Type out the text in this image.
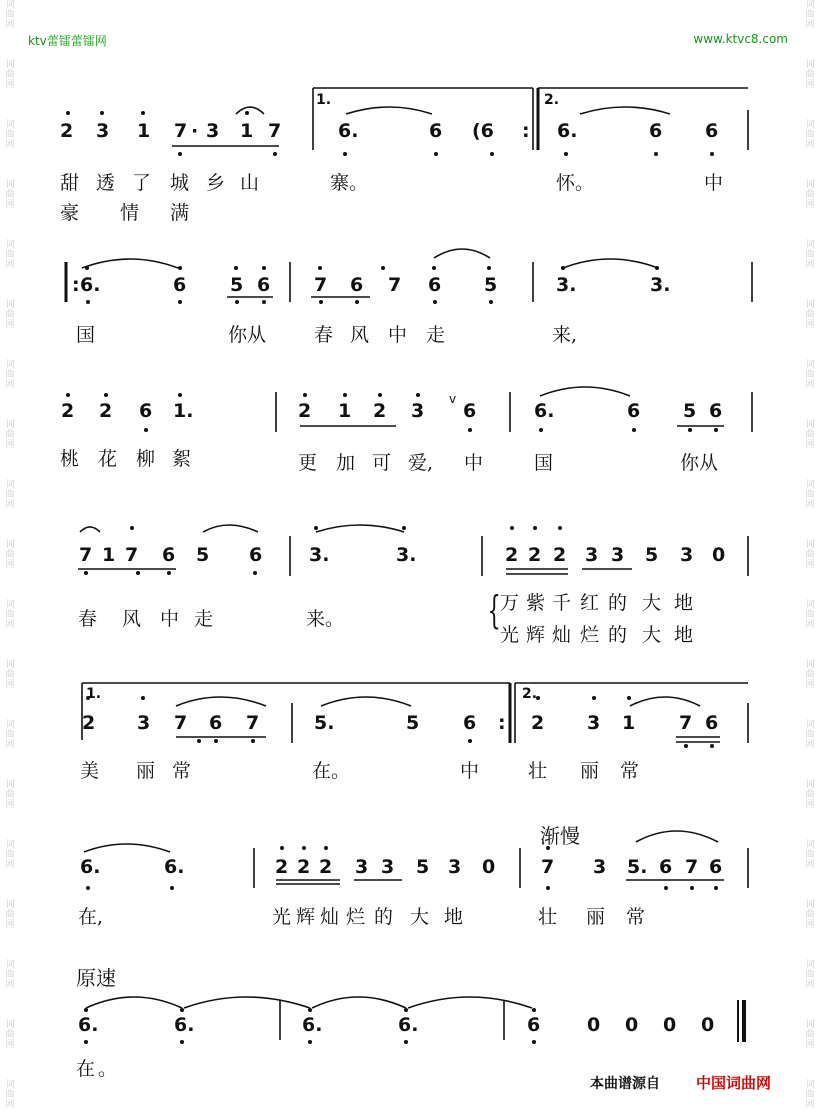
词
曲
网

词
曲
网

词
曲
网

词
曲
网

词
曲
网

词
曲
网

词
曲
网

词
曲
网

词
曲
网

词
曲
网

词
曲
网

词
曲
网

词
曲
网

词
曲
网

词
曲
网

词
曲
网

词
曲
网

词
曲
网

词
曲
网

词
曲
网

词
曲
网

词
曲
网

词
曲
网

词
曲
网

词
曲
网

词
曲
网

词
曲
网

词
曲
网

词
曲
网

词
曲
网

词
曲
网

词
曲
网

词
曲
网

词
曲
网

词
曲
网

词
曲
网

词
曲
网

词
曲
网

ktv蕾镭蕾镭网	www.ktvc8.com
1.	2.
2 3 1 7 · 3 1 7	6.	6 (6 : 6.	6 6
甜 透 了 城 乡 山	寨。	怀。	中
豪 情 满
: 6.	6 5 6 7 6 7 6 5	3.	3.
国	你从	春 风 中 走	来,
2 2 6 1.	2 1 2 3
v
6	6.	6 5 6
桃 花 柳 絮	更 加 可 爱, 中	国	你从
7 1 7 6 5 6 3.	3.	2 2 2 3 3 5 3 0
春 风 中 走	来。	{ 万 紫 千 红 的 大 地
光 辉 灿 烂 的 大 地
1.	2.
2 3 7 6 7	5.	5 6 : 2 3 1 7 6
美 丽 常	在。	中	壮 丽 常
渐慢
6.	6.	2 2 2 3 3 5 3 0 7 3 5. 6 7 6
在,	光 辉 灿 烂 的 大 地	壮 丽 常
原速
6.	6.	6.	6.	6 0 0 0 0
在 。
本曲谱源自 中国词曲网
